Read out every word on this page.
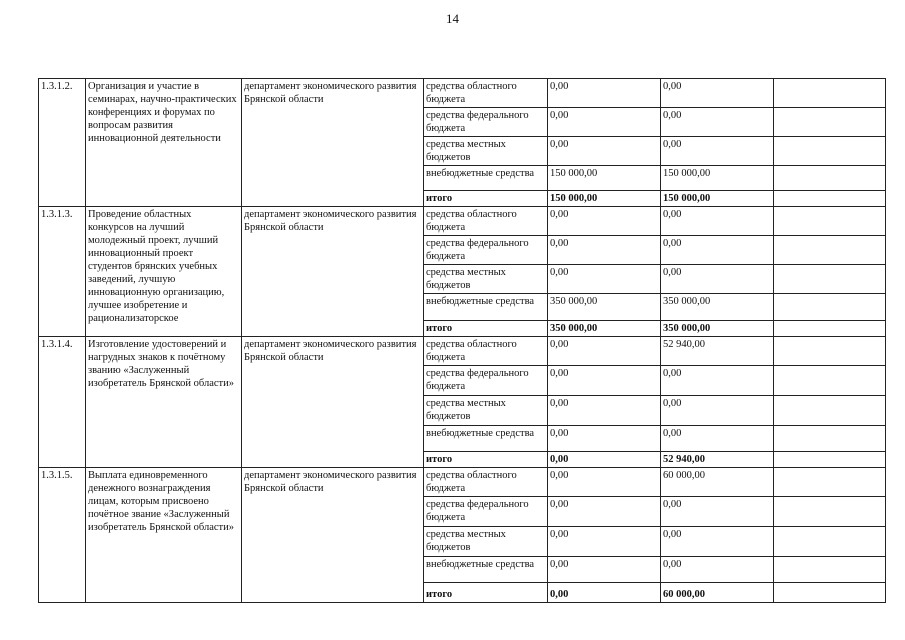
14
1.3.1.2.	Организация и участие в семинарах, научно-практических конференциях и форумах по вопросам развития инновационной деятельности	департамент экономического развития Брянской области	средства областного бюджета	0,00	0,00	
			средства федерального бюджета	0,00	0,00	
			средства местных бюджетов	0,00	0,00	
			внебюджетные средства	150 000,00	150 000,00	
			итого	150 000,00	150 000,00	
1.3.1.3.	Проведение областных конкурсов на лучший молодежный проект, лучший инновационный проект студентов брянских учебных заведений, лучшую инновационную организацию, лучшее изобретение и рационализаторское	департамент экономического развития Брянской области	средства областного бюджета	0,00	0,00	
			средства федерального бюджета	0,00	0,00	
			средства местных бюджетов	0,00	0,00	
			внебюджетные средства	350 000,00	350 000,00	
			итого	350 000,00	350 000,00	
1.3.1.4.	Изготовление удостоверений и нагрудных знаков к почётному званию «Заслуженный изобретатель Брянской области»	департамент экономического развития Брянской области	средства областного бюджета	0,00	52 940,00	
			средства федерального бюджета	0,00	0,00	
			средства местных бюджетов	0,00	0,00	
			внебюджетные средства	0,00	0,00	
			итого	0,00	52 940,00	
1.3.1.5.	Выплата единовременного денежного вознаграждения лицам, которым присвоено почётное звание «Заслуженный изобретатель Брянской области»	департамент экономического развития Брянской области	средства областного бюджета	0,00	60 000,00	
			средства федерального бюджета	0,00	0,00	
			средства местных бюджетов	0,00	0,00	
			внебюджетные средства	0,00	0,00	
			итого	0,00	60 000,00	
